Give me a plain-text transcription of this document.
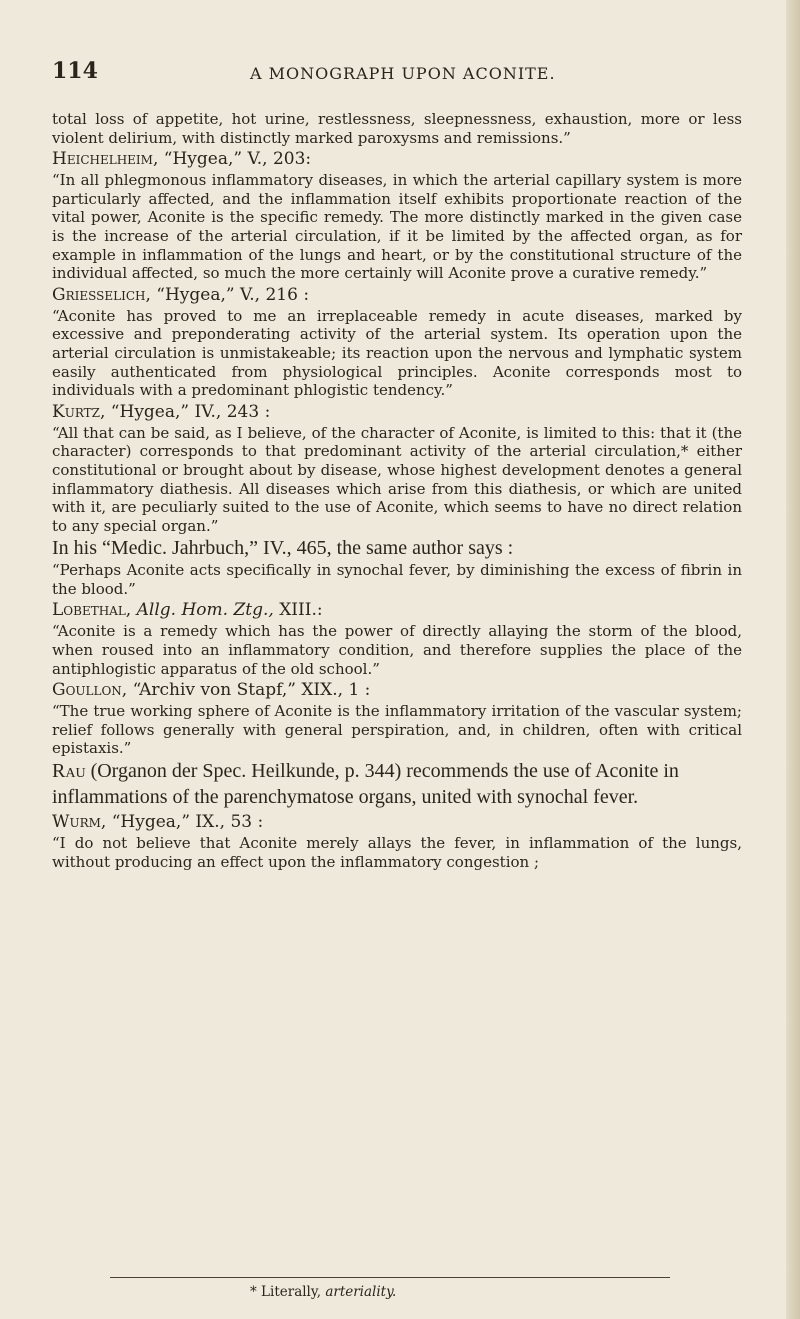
114	A MONOGRAPH UPON ACONITE.

total loss of appetite, hot urine, restlessness, sleepnessness, exhaustion, more or less violent delirium, with distinctly marked paroxysms and remissions.”

Heichelheim, “Hygea,” V., 203:

“In all phlegmonous inflammatory diseases, in which the arterial capillary system is more particularly affected, and the inflammation itself exhibits proportionate reaction of the vital power, Aconite is the specific remedy. The more distinctly marked in the given case is the increase of the arterial circulation, if it be limited by the affected organ, as for example in inflammation of the lungs and heart, or by the constitutional structure of the individual affected, so much the more certainly will Aconite prove a curative remedy.”

Griesselich, “Hygea,” V., 216 :

“Aconite has proved to me an irreplaceable remedy in acute diseases, marked by excessive and preponderating activity of the arterial system. Its operation upon the arterial circulation is unmistakeable; its reaction upon the nervous and lymphatic system easily authenticated from physiological principles. Aconite corresponds most to individuals with a predominant phlogistic tendency.”

Kurtz, “Hygea,” IV., 243 :

“All that can be said, as I believe, of the character of Aconite, is limited to this: that it (the character) corresponds to that predominant activity of the arterial circulation,* either constitutional or brought about by disease, whose highest development denotes a general inflammatory diathesis. All diseases which arise from this diathesis, or which are united with it, are peculiarly suited to the use of Aconite, which seems to have no direct relation to any special organ.”

In his “Medic. Jahrbuch,” IV., 465, the same author says :

“Perhaps Aconite acts specifically in synochal fever, by diminishing the excess of fibrin in the blood.”

Lobethal, Allg. Hom. Ztg., XIII.:

“Aconite is a remedy which has the power of directly allaying the storm of the blood, when roused into an inflammatory condition, and therefore supplies the place of the antiphlogistic apparatus of the old school.”

Goullon, “Archiv von Stapf,” XIX., 1 :

“The true working sphere of Aconite is the inflammatory irritation of the vascular system; relief follows generally with general perspiration, and, in children, often with critical epistaxis.”

Rau (Organon der Spec. Heilkunde, p. 344) recommends the use of Aconite in inflammations of the parenchymatose organs, united with synochal fever.

Wurm, “Hygea,” IX., 53 :

“I do not believe that Aconite merely allays the fever, in inflammation of the lungs, without producing an effect upon the inflammatory congestion ;

* Literally, arteriality.
